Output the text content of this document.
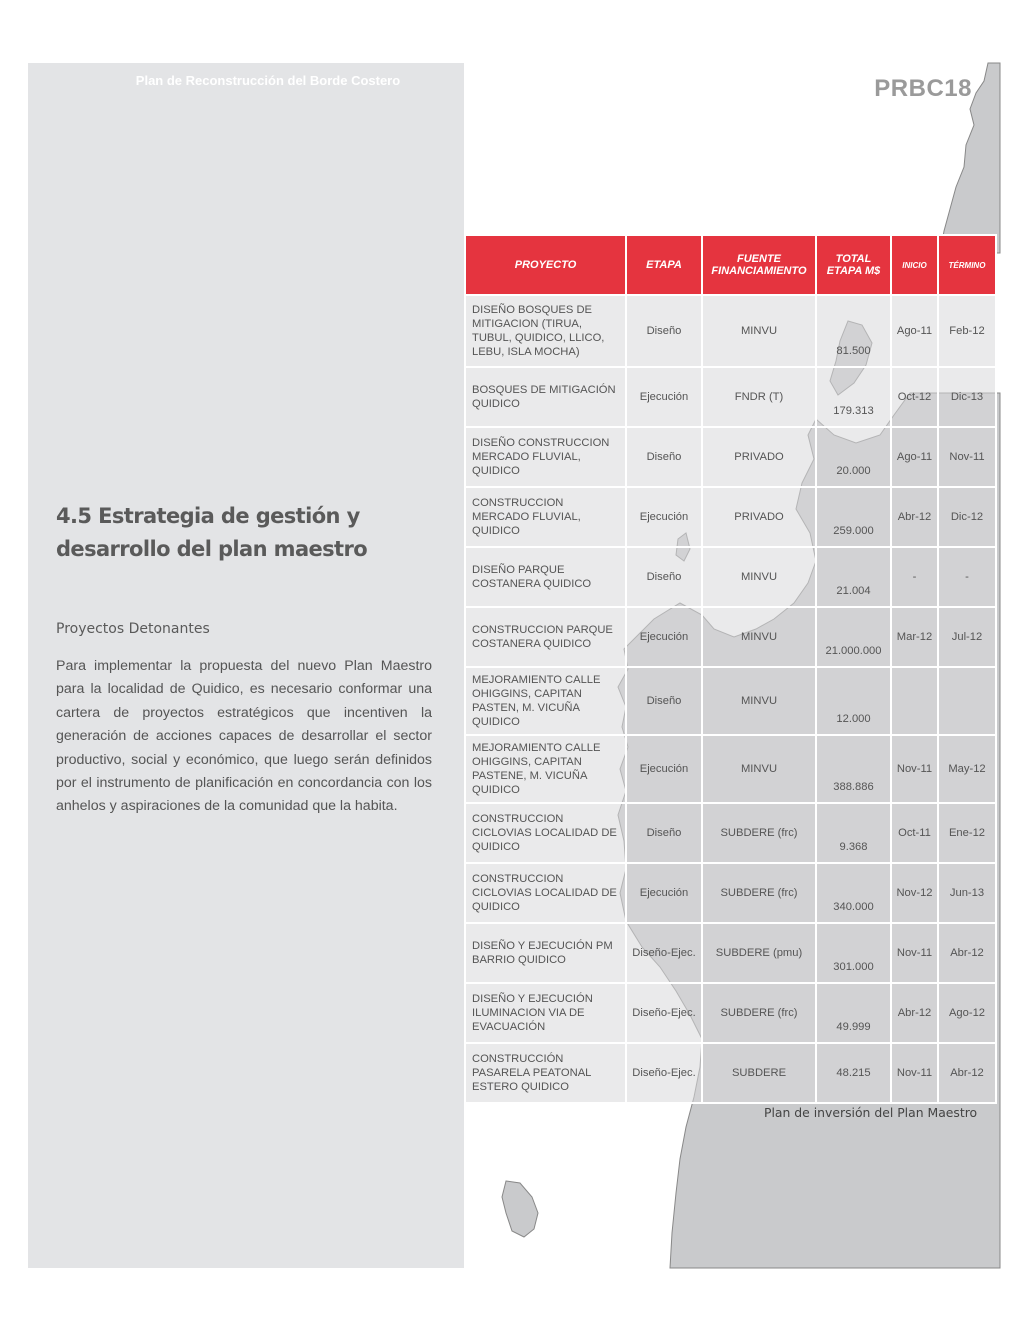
Plan de Reconstrucción del Borde Costero
4.5 Estrategia de gestión y
desarrollo del plan maestro
Proyectos Detonantes
Para implementar la propuesta del nuevo Plan Maestro para la localidad de Quidico, es necesario conformar una cartera de proyectos estratégicos que incentiven la generación de acciones capaces de desarrollar el sector productivo, social y económico, que luego serán definidos por el instrumento de planificación en concordancia con los anhelos y aspiraciones de la comunidad que la habita.
PRBC18
30
PROYECTO	ETAPA	FUENTE FINANCIAMIENTO	TOTAL ETAPA M$	INICIO	TÉRMINO
DISEÑO BOSQUES DE MITIGACION (TIRUA, TUBUL, QUIDICO, LLICO, LEBU, ISLA MOCHA)	Diseño	MINVU	81.500	Ago-11	Feb-12
BOSQUES DE MITIGACIÓN QUIDICO	Ejecución	FNDR (T)	179.313	Oct-12	Dic-13
DISEÑO CONSTRUCCION MERCADO FLUVIAL, QUIDICO	Diseño	PRIVADO	20.000	Ago-11	Nov-11
CONSTRUCCION MERCADO FLUVIAL, QUIDICO	Ejecución	PRIVADO	259.000	Abr-12	Dic-12
DISEÑO PARQUE COSTANERA QUIDICO	Diseño	MINVU	21.004	-	-
CONSTRUCCION PARQUE COSTANERA QUIDICO	Ejecución	MINVU	21.000.000	Mar-12	Jul-12
MEJORAMIENTO CALLE OHIGGINS, CAPITAN PASTEN, M. VICUÑA QUIDICO	Diseño	MINVU	12.000		
MEJORAMIENTO CALLE OHIGGINS, CAPITAN PASTENE, M. VICUÑA QUIDICO	Ejecución	MINVU	388.886	Nov-11	May-12
CONSTRUCCION CICLOVIAS LOCALIDAD DE QUIDICO	Diseño	SUBDERE (frc)	9.368	Oct-11	Ene-12
CONSTRUCCION CICLOVIAS LOCALIDAD DE QUIDICO	Ejecución	SUBDERE (frc)	340.000	Nov-12	Jun-13
DISEÑO Y EJECUCIÓN PM BARRIO QUIDICO	Diseño-Ejec.	SUBDERE (pmu)	301.000	Nov-11	Abr-12
DISEÑO Y EJECUCIÓN ILUMINACION VIA DE EVACUACIÓN	Diseño-Ejec.	SUBDERE (frc)	49.999	Abr-12	Ago-12
CONSTRUCCIÓN PASARELA PEATONAL ESTERO QUIDICO	Diseño-Ejec.	SUBDERE	48.215	Nov-11	Abr-12
Plan de inversión del Plan Maestro
